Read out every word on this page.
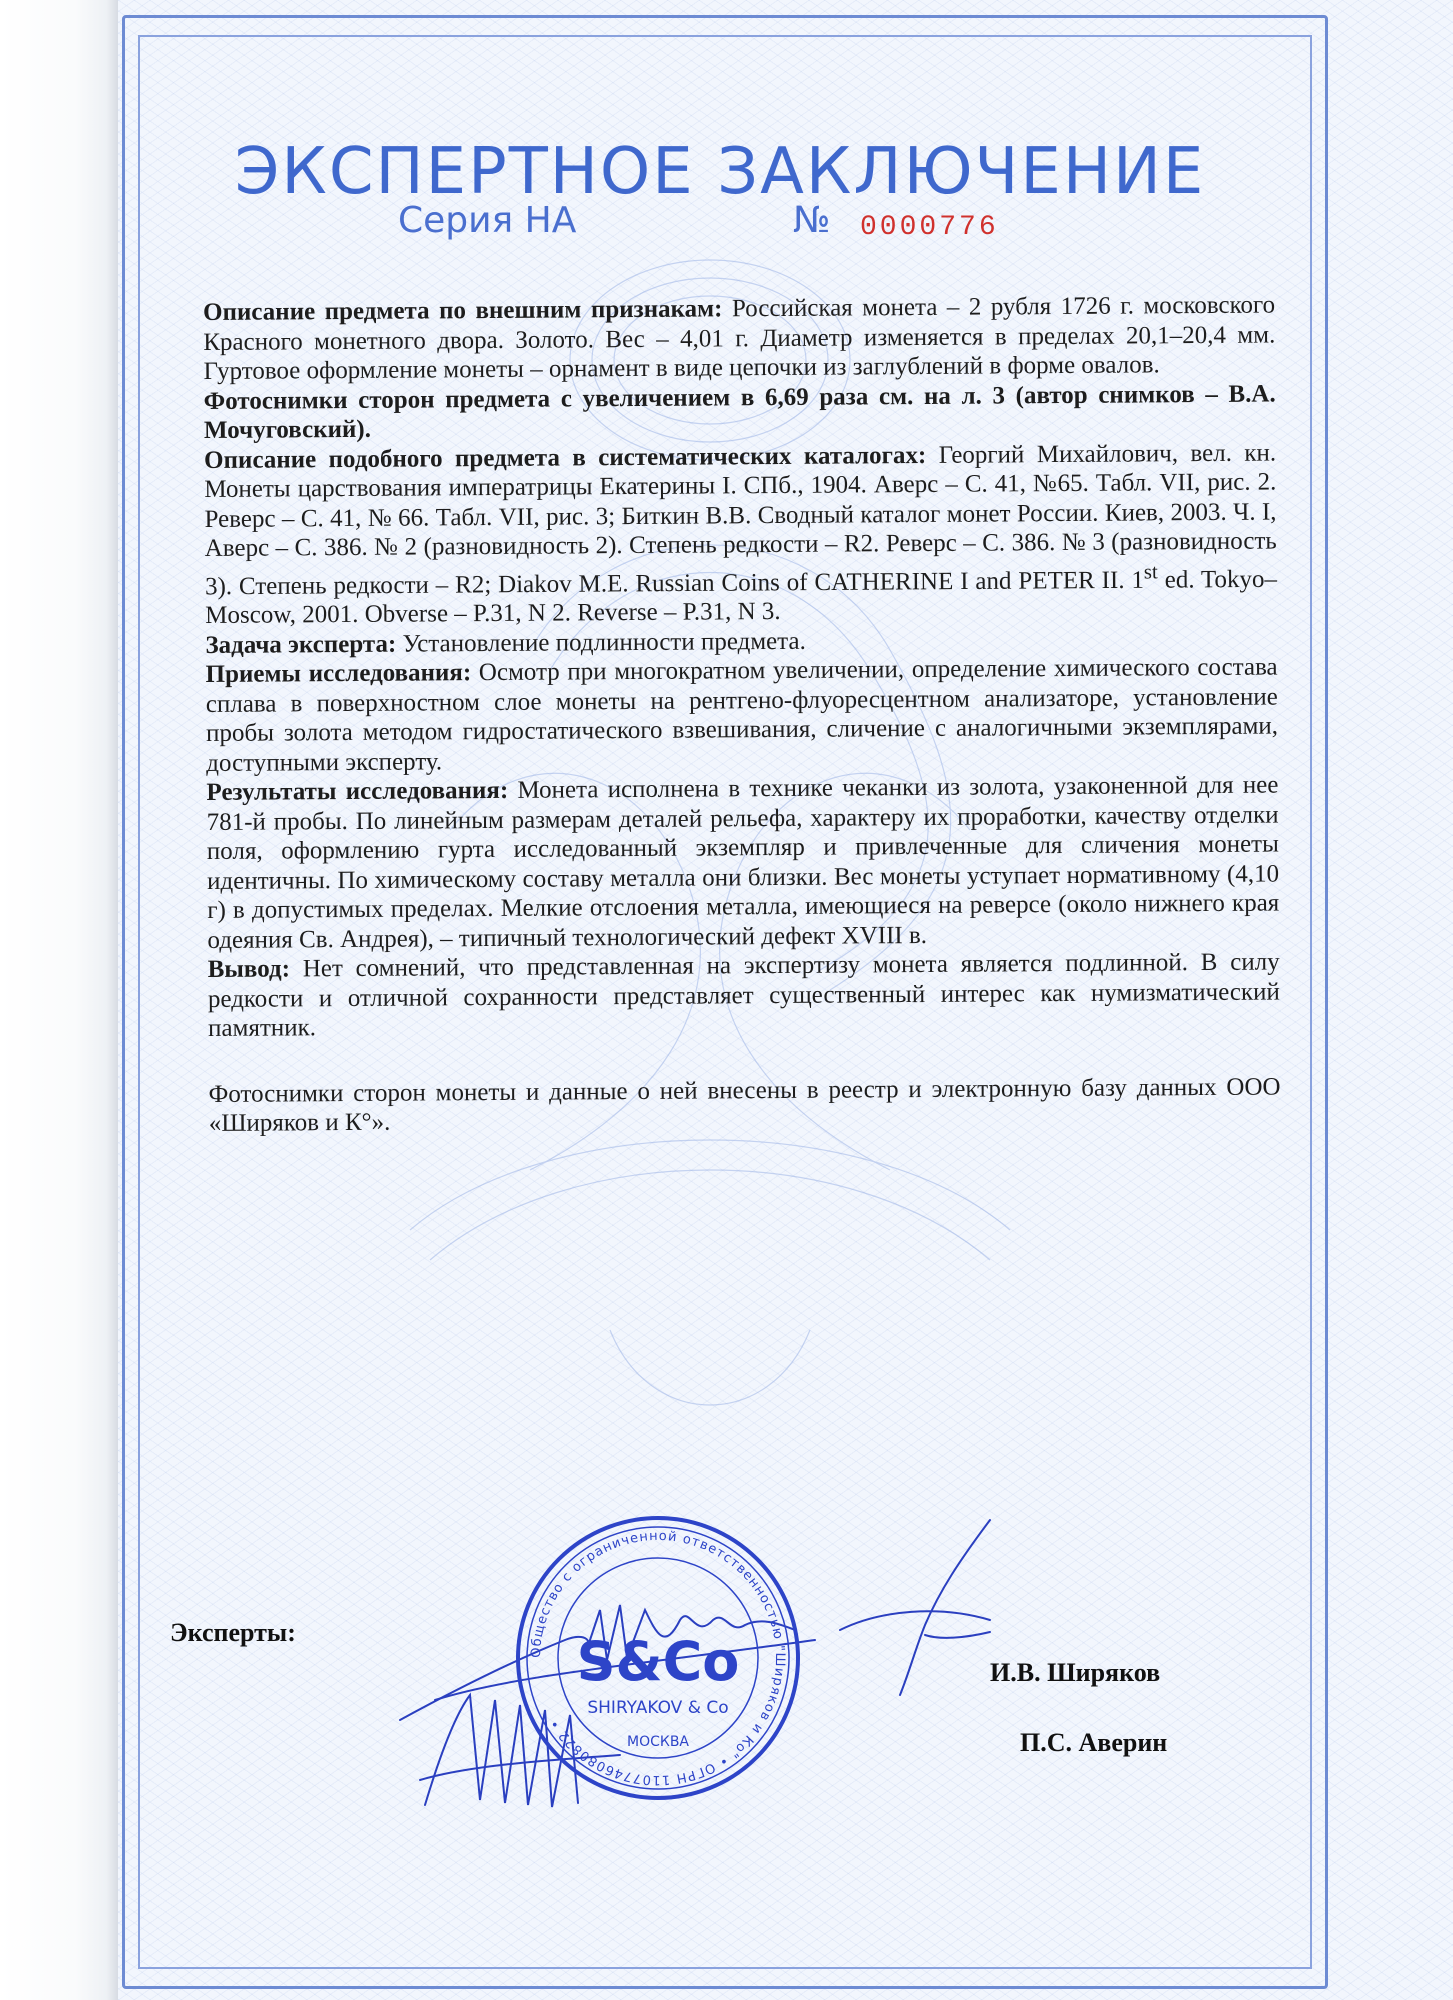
ЭКСПЕРТНОЕ ЗАКЛЮЧЕНИЕ
Серия НА	№ 0000776

Описание предмета по внешним признакам: Российская монета – 2 рубля 1726 г. московского Красного монетного двора. Золото. Вес – 4,01 г. Диаметр изменяется в пределах 20,1–20,4 мм. Гуртовое оформление монеты – орнамент в виде цепочки из заглублений в форме овалов.

Фотоснимки сторон предмета с увеличением в 6,69 раза см. на л. 3 (автор снимков – В.А. Мочуговский).

Описание подобного предмета в систематических каталогах: Георгий Михайлович, вел. кн. Монеты царствования императрицы Екатерины I. СПб., 1904. Аверс – С. 41, №65. Табл. VII, рис. 2. Реверс – С. 41, № 66. Табл. VII, рис. 3; Биткин В.В. Сводный каталог монет России. Киев, 2003. Ч. I, Аверс – С. 386. № 2 (разновидность 2). Степень редкости – R2. Реверс – С. 386. № 3 (разновидность 3). Степень редкости – R2; Diakov M.E. Russian Coins of CATHERINE I and PETER II. 1st ed. Tokyo–Moscow, 2001. Obverse – P.31, N 2. Reverse – P.31, N 3.

Задача эксперта: Установление подлинности предмета.

Приемы исследования: Осмотр при многократном увеличении, определение химического состава сплава в поверхностном слое монеты на рентгено-флуоресцентном анализаторе, установление пробы золота методом гидростатического взвешивания, сличение с аналогичными экземплярами, доступными эксперту.

Результаты исследования: Монета исполнена в технике чеканки из золота, узаконенной для нее 781-й пробы. По линейным размерам деталей рельефа, характеру их проработки, качеству отделки поля, оформлению гурта исследованный экземпляр и привлеченные для сличения монеты идентичны. По химическому составу металла они близки. Вес монеты уступает нормативному (4,10 г) в допустимых пределах. Мелкие отслоения металла, имеющиеся на реверсе (около нижнего края одеяния Св. Андрея), – типичный технологический дефект XVIII в.

Вывод: Нет сомнений, что представленная на экспертизу монета является подлинной. В силу редкости и отличной сохранности представляет существенный интерес как нумизматический памятник.

Фотоснимки сторон монеты и данные о ней внесены в реестр и электронную базу данных ООО «Ширяков и К°».

Эксперты:
Общество с ограниченной ответственностью "Ширяков и Ко" • ОГРН 1107746080822 •
S&Co
SHIRYAKOV & Co
МОСКВА
И.В. Ширяков
П.С. Аверин
